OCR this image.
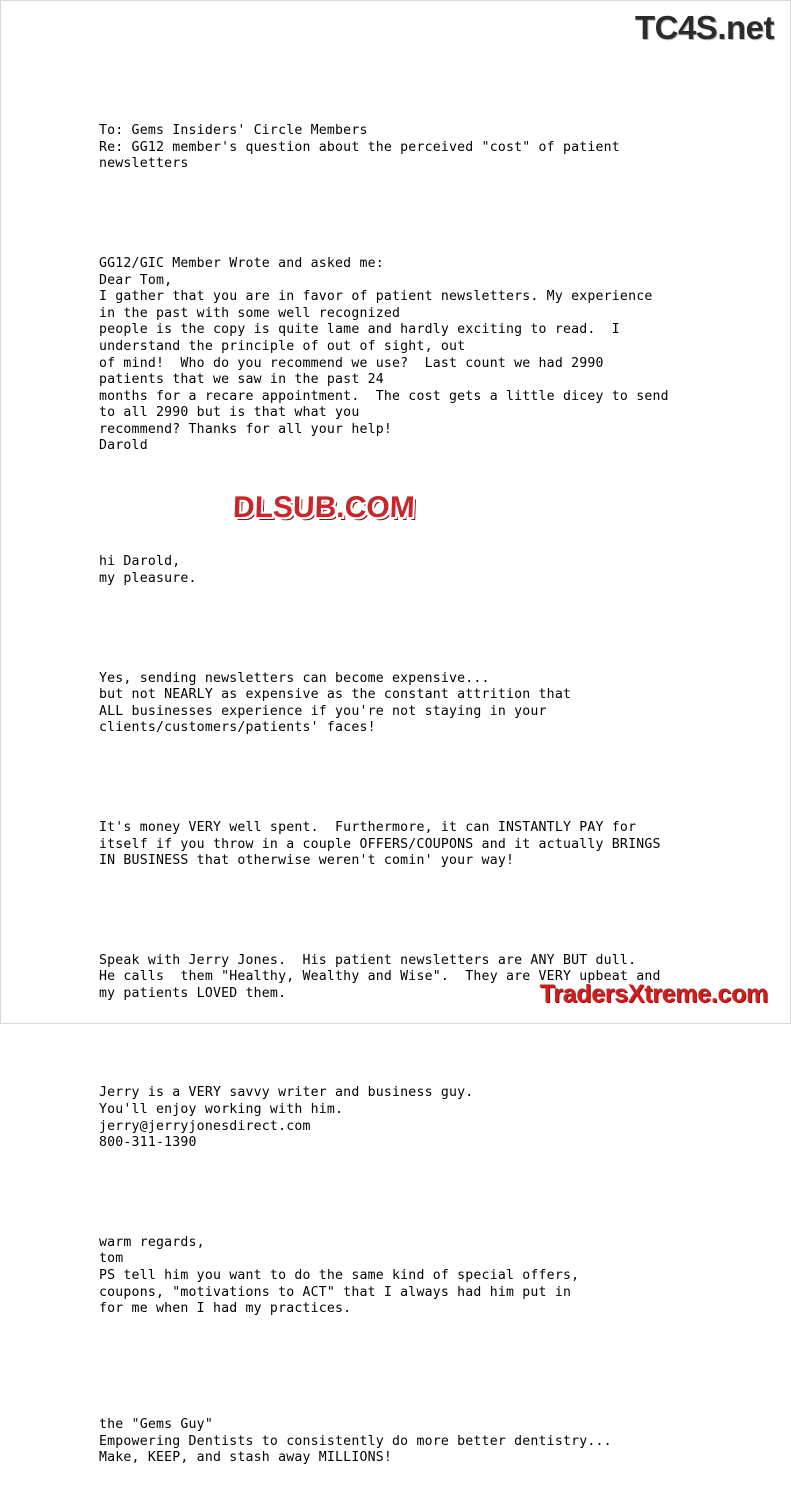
TC4S.net

To: Gems Insiders' Circle Members
Re: GG12 member's question about the perceived "cost" of patient
newsletters

GG12/GIC Member Wrote and asked me:
Dear Tom,
I gather that you are in favor of patient newsletters. My experience
in the past with some well recognized
people is the copy is quite lame and hardly exciting to read.  I
understand the principle of out of sight, out
of mind!  Who do you recommend we use?  Last count we had 2990
patients that we saw in the past 24
months for a recare appointment.  The cost gets a little dicey to send
to all 2990 but is that what you
recommend? Thanks for all your help!
Darold

hi Darold,
my pleasure.

Yes, sending newsletters can become expensive...
but not NEARLY as expensive as the constant attrition that
ALL businesses experience if you're not staying in your
clients/customers/patients' faces!

It's money VERY well spent.  Furthermore, it can INSTANTLY PAY for
itself if you throw in a couple OFFERS/COUPONS and it actually BRINGS
IN BUSINESS that otherwise weren't comin' your way!

Speak with Jerry Jones.  His patient newsletters are ANY BUT dull.
He calls  them "Healthy, Wealthy and Wise".  They are VERY upbeat and
my patients LOVED them.

Jerry is a VERY savvy writer and business guy.
You'll enjoy working with him.
jerry@jerryjonesdirect.com
800-311-1390

warm regards,
tom
PS tell him you want to do the same kind of special offers,
coupons, "motivations to ACT" that I always had him put in
for me when I had my practices.

the "Gems Guy"
Empowering Dentists to consistently do more better dentistry...
Make, KEEP, and stash away MILLIONS!

DLSUB.COM
TradersXtreme.com
